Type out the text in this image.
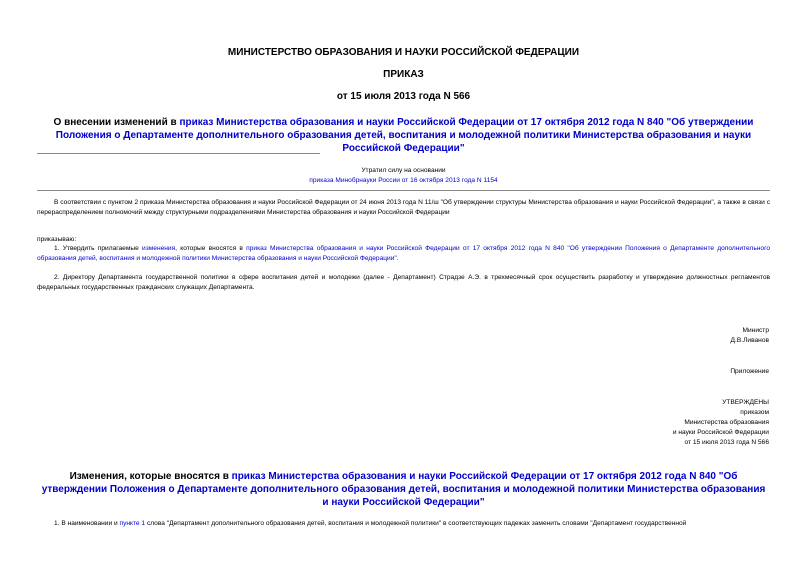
МИНИСТЕРСТВО ОБРАЗОВАНИЯ И НАУКИ РОССИЙСКОЙ ФЕДЕРАЦИИ
ПРИКАЗ
от 15 июля 2013 года N 566
О внесении изменений в приказ Министерства образования и науки Российской Федерации от 17 октября 2012 года N 840 "Об утверждении Положения о Департаменте дополнительного образования детей, воспитания и молодежной политики Министерства образования и науки Российской Федерации"
Утратил силу на основании
приказа Минобрнауки России от 16 октября 2013 года N 1154
В соответствии с пунктом 2 приказа Министерства образования и науки Российской Федерации от 24 июня 2013 года N 11/ш "Об утверждении структуры Министерства образования и науки Российской Федерации", а также в связи с перераспределением полномочий между структурными подразделениями Министерства образования и науки Российской Федерации
приказываю:
1. Утвердить прилагаемые изменения, которые вносятся в приказ Министерства образования и науки Российской Федерации от 17 октября 2012 года N 840 "Об утверждении Положения о Департаменте дополнительного образования детей, воспитания и молодежной политики Министерства образования и науки Российской Федерации".
2. Директору Департамента государственной политики в сфере воспитания детей и молодежи (далее - Департамент) Страдзе А.Э. в трехмесячный срок осуществить разработку и утверждение должностных регламентов федеральных государственных гражданских служащих Департамента.
Министр
Д.В.Ливанов
Приложение
УТВЕРЖДЕНЫ
приказом
Министерства образования
и науки Российской Федерации
от 15 июля 2013 года N 566
Изменения, которые вносятся в приказ Министерства образования и науки Российской Федерации от 17 октября 2012 года N 840 "Об утверждении Положения о Департаменте дополнительного образования детей, воспитания и молодежной политики Министерства образования и науки Российской Федерации"
1. В наименовании и пункте 1 слова "Департамент дополнительного образования детей, воспитания и молодежной политики" в соответствующих падежах заменить словами "Департамент государственной
